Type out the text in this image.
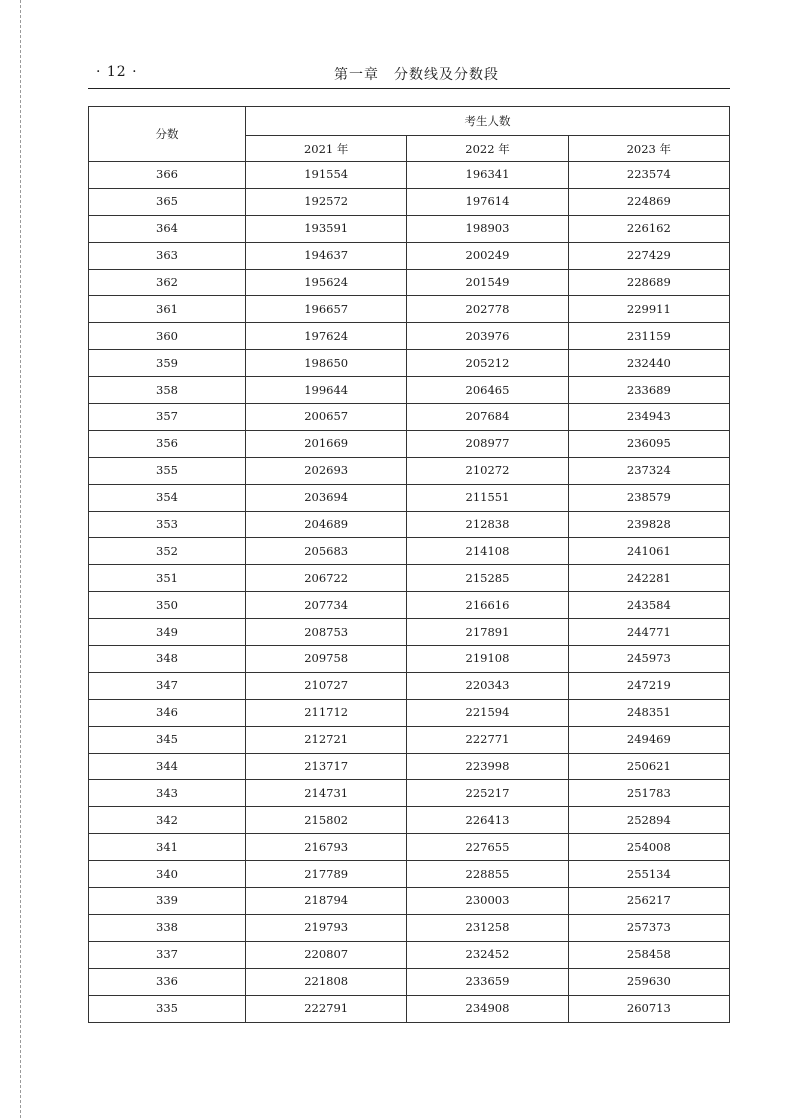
· 12 ·	第一章　分数线及分数段
分数	考生人数		
	2021 年	2022 年	2023 年
366	191554	196341	223574
365	192572	197614	224869
364	193591	198903	226162
363	194637	200249	227429
362	195624	201549	228689
361	196657	202778	229911
360	197624	203976	231159
359	198650	205212	232440
358	199644	206465	233689
357	200657	207684	234943
356	201669	208977	236095
355	202693	210272	237324
354	203694	211551	238579
353	204689	212838	239828
352	205683	214108	241061
351	206722	215285	242281
350	207734	216616	243584
349	208753	217891	244771
348	209758	219108	245973
347	210727	220343	247219
346	211712	221594	248351
345	212721	222771	249469
344	213717	223998	250621
343	214731	225217	251783
342	215802	226413	252894
341	216793	227655	254008
340	217789	228855	255134
339	218794	230003	256217
338	219793	231258	257373
337	220807	232452	258458
336	221808	233659	259630
335	222791	234908	260713
